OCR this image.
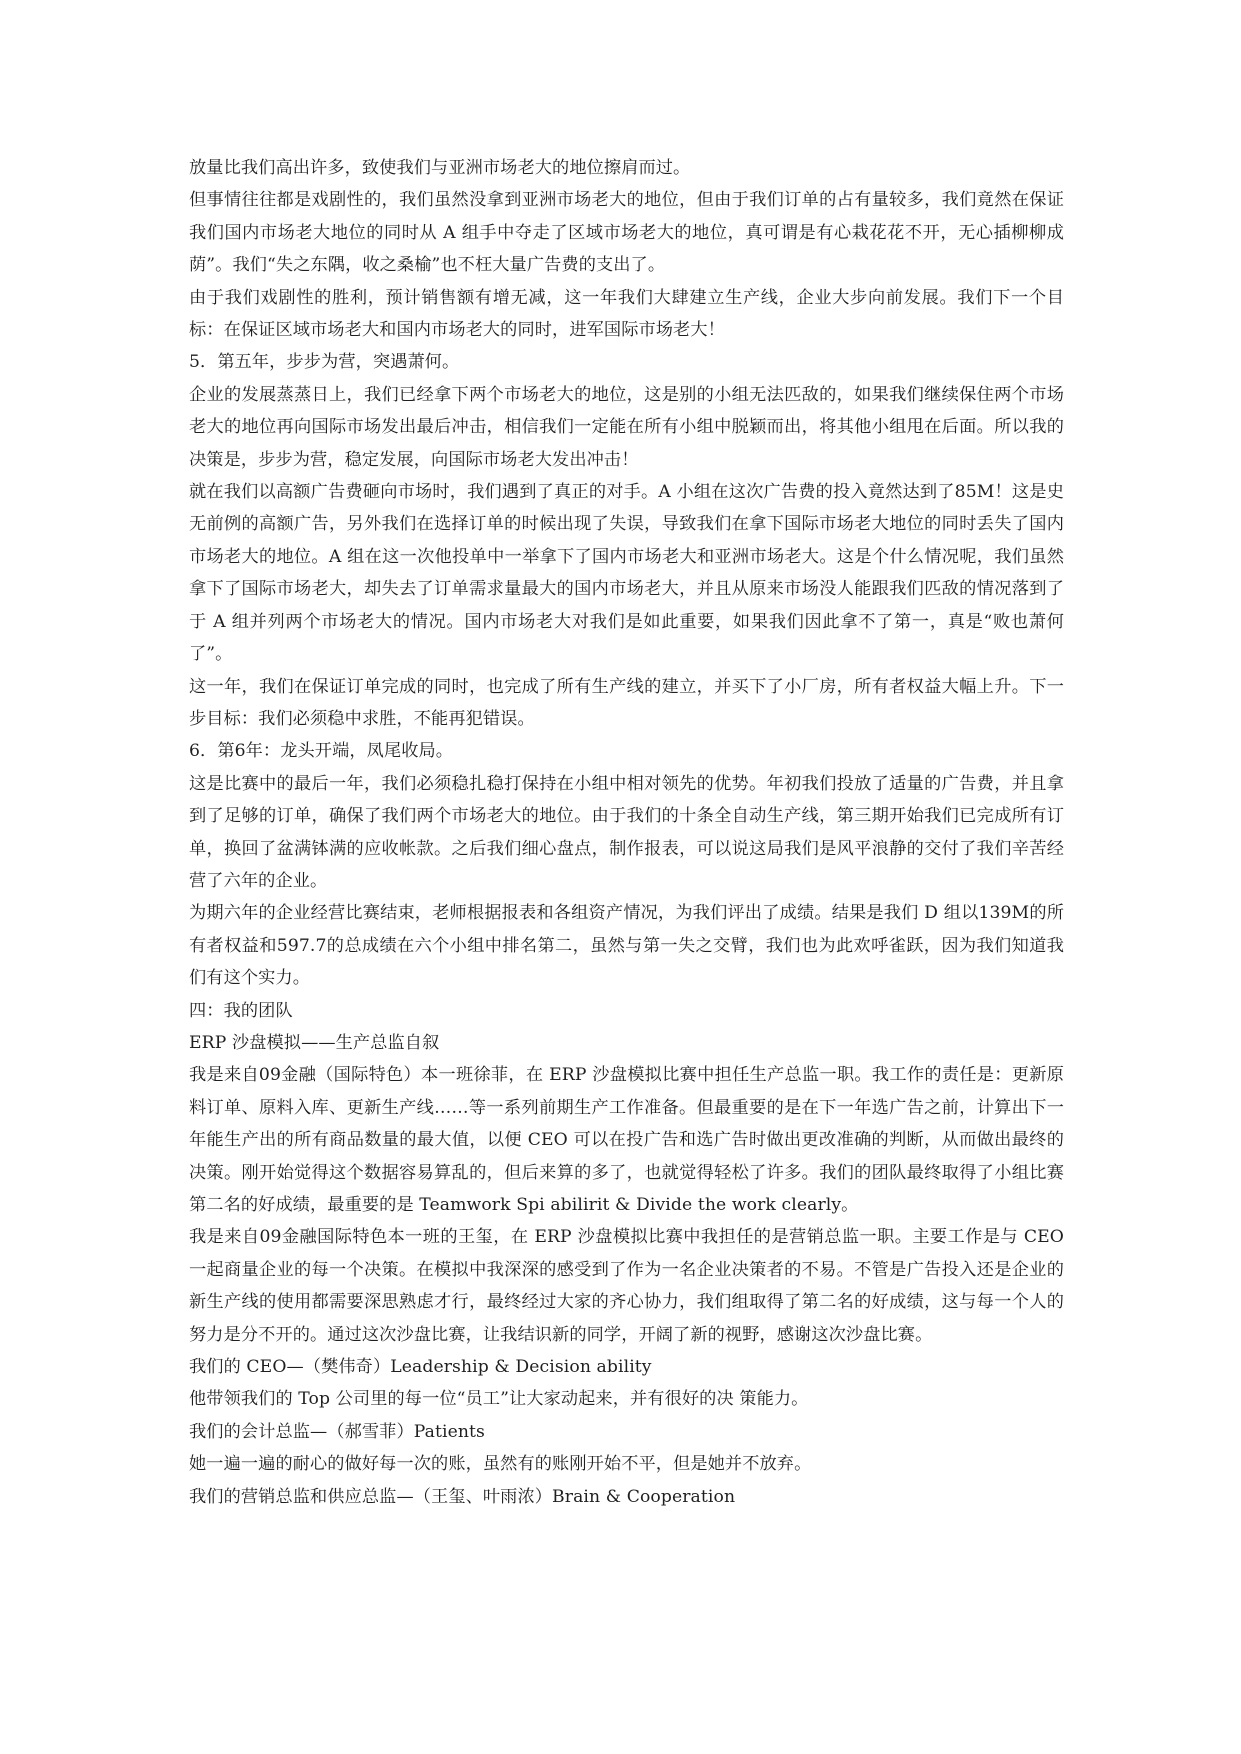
放量比我们高出许多，致使我们与亚洲市场老大的地位擦肩而过。

但事情往往都是戏剧性的，我们虽然没拿到亚洲市场老大的地位，但由于我们订单的占有量较多，我们竟然在保证我们国内市场老大地位的同时从 A 组手中夺走了区域市场老大的地位，真可谓是有心栽花花不开，无心插柳柳成荫”。我们“失之东隅，收之桑榆”也不枉大量广告费的支出了。

由于我们戏剧性的胜利，预计销售额有增无减，这一年我们大肆建立生产线，企业大步向前发展。我们下一个目标：在保证区域市场老大和国内市场老大的同时，进军国际市场老大！

5．第五年，步步为营，突遇萧何。

企业的发展蒸蒸日上，我们已经拿下两个市场老大的地位，这是别的小组无法匹敌的，如果我们继续保住两个市场老大的地位再向国际市场发出最后冲击，相信我们一定能在所有小组中脱颖而出，将其他小组甩在后面。所以我的决策是，步步为营，稳定发展，向国际市场老大发出冲击！

就在我们以高额广告费砸向市场时，我们遇到了真正的对手。A 小组在这次广告费的投入竟然达到了85M！这是史无前例的高额广告，另外我们在选择订单的时候出现了失误，导致我们在拿下国际市场老大地位的同时丢失了国内市场老大的地位。A 组在这一次他投单中一举拿下了国内市场老大和亚洲市场老大。这是个什么情况呢，我们虽然拿下了国际市场老大，却失去了订单需求量最大的国内市场老大，并且从原来市场没人能跟我们匹敌的情况落到了于 A 组并列两个市场老大的情况。国内市场老大对我们是如此重要，如果我们因此拿不了第一，真是“败也萧何了”。

这一年，我们在保证订单完成的同时，也完成了所有生产线的建立，并买下了小厂房，所有者权益大幅上升。下一步目标：我们必须稳中求胜，不能再犯错误。

6．第6年：龙头开端，凤尾收局。

这是比赛中的最后一年，我们必须稳扎稳打保持在小组中相对领先的优势。年初我们投放了适量的广告费，并且拿到了足够的订单，确保了我们两个市场老大的地位。由于我们的十条全自动生产线，第三期开始我们已完成所有订单，换回了盆满钵满的应收帐款。之后我们细心盘点，制作报表，可以说这局我们是风平浪静的交付了我们辛苦经营了六年的企业。

为期六年的企业经营比赛结束，老师根据报表和各组资产情况，为我们评出了成绩。结果是我们 D 组以139M的所有者权益和597.7的总成绩在六个小组中排名第二，虽然与第一失之交臂，我们也为此欢呼雀跃，因为我们知道我们有这个实力。

四：我的团队

ERP 沙盘模拟——生产总监自叙

我是来自09金融（国际特色）本一班徐菲，在 ERP 沙盘模拟比赛中担任生产总监一职。我工作的责任是：更新原料订单、原料入库、更新生产线……等一系列前期生产工作准备。但最重要的是在下一年选广告之前，计算出下一年能生产出的所有商品数量的最大值，以便 CEO 可以在投广告和选广告时做出更改准确的判断，从而做出最终的决策。刚开始觉得这个数据容易算乱的，但后来算的多了，也就觉得轻松了许多。我们的团队最终取得了小组比赛第二名的好成绩，最重要的是 Teamwork Spi abilirit & Divide the work clearly。

我是来自09金融国际特色本一班的王玺，在 ERP 沙盘模拟比赛中我担任的是营销总监一职。主要工作是与 CEO 一起商量企业的每一个决策。在模拟中我深深的感受到了作为一名企业决策者的不易。不管是广告投入还是企业的新生产线的使用都需要深思熟虑才行，最终经过大家的齐心协力，我们组取得了第二名的好成绩，这与每一个人的努力是分不开的。通过这次沙盘比赛，让我结识新的同学，开阔了新的视野，感谢这次沙盘比赛。

我们的 CEO—（樊伟奇）Leadership & Decision ability

他带领我们的 Top 公司里的每一位“员工”让大家动起来，并有很好的决 策能力。

我们的会计总监—（郝雪菲）Patients

她一遍一遍的耐心的做好每一次的账，虽然有的账刚开始不平，但是她并不放弃。

我们的营销总监和供应总监—（王玺、叶雨浓）Brain & Cooperation
